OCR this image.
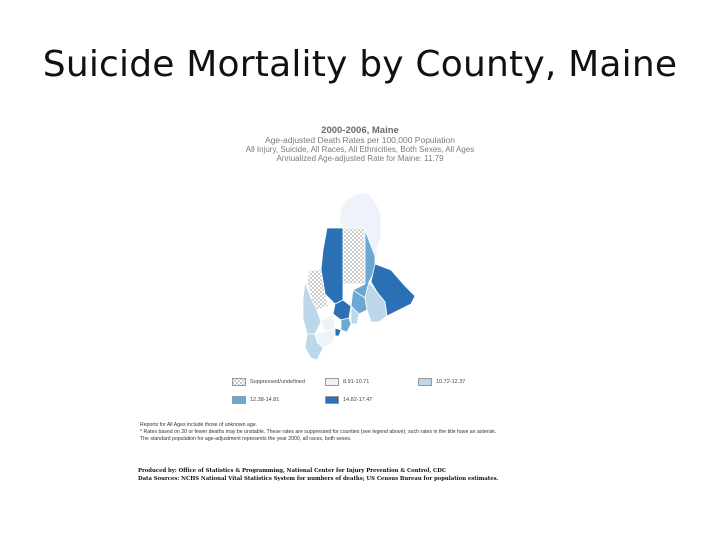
Suicide Mortality by County, Maine
2000-2006, Maine
Age-adjusted Death Rates per 100,000 Population
All Injury, Suicide, All Races, All Ethnicities, Both Sexes, All Ages
Annualized Age-adjusted Rate for Maine: 11.79
Suppressed/undefined	8.91-10.71	10.72-12.37
12.38-14.81	14.82-17.47
Reports for All Ages include those of unknown age.
* Rates based on 20 or fewer deaths may be unstable. These rates are suppressed for counties (see legend above); such rates in the title have an asterisk.
The standard population for age-adjustment represents the year 2000, all races, both sexes.
Produced by: Office of Statistics & Programming, National Center for Injury Prevention & Control, CDC
Data Sources: NCHS National Vital Statistics System for numbers of deaths; US Census Bureau for population estimates.
